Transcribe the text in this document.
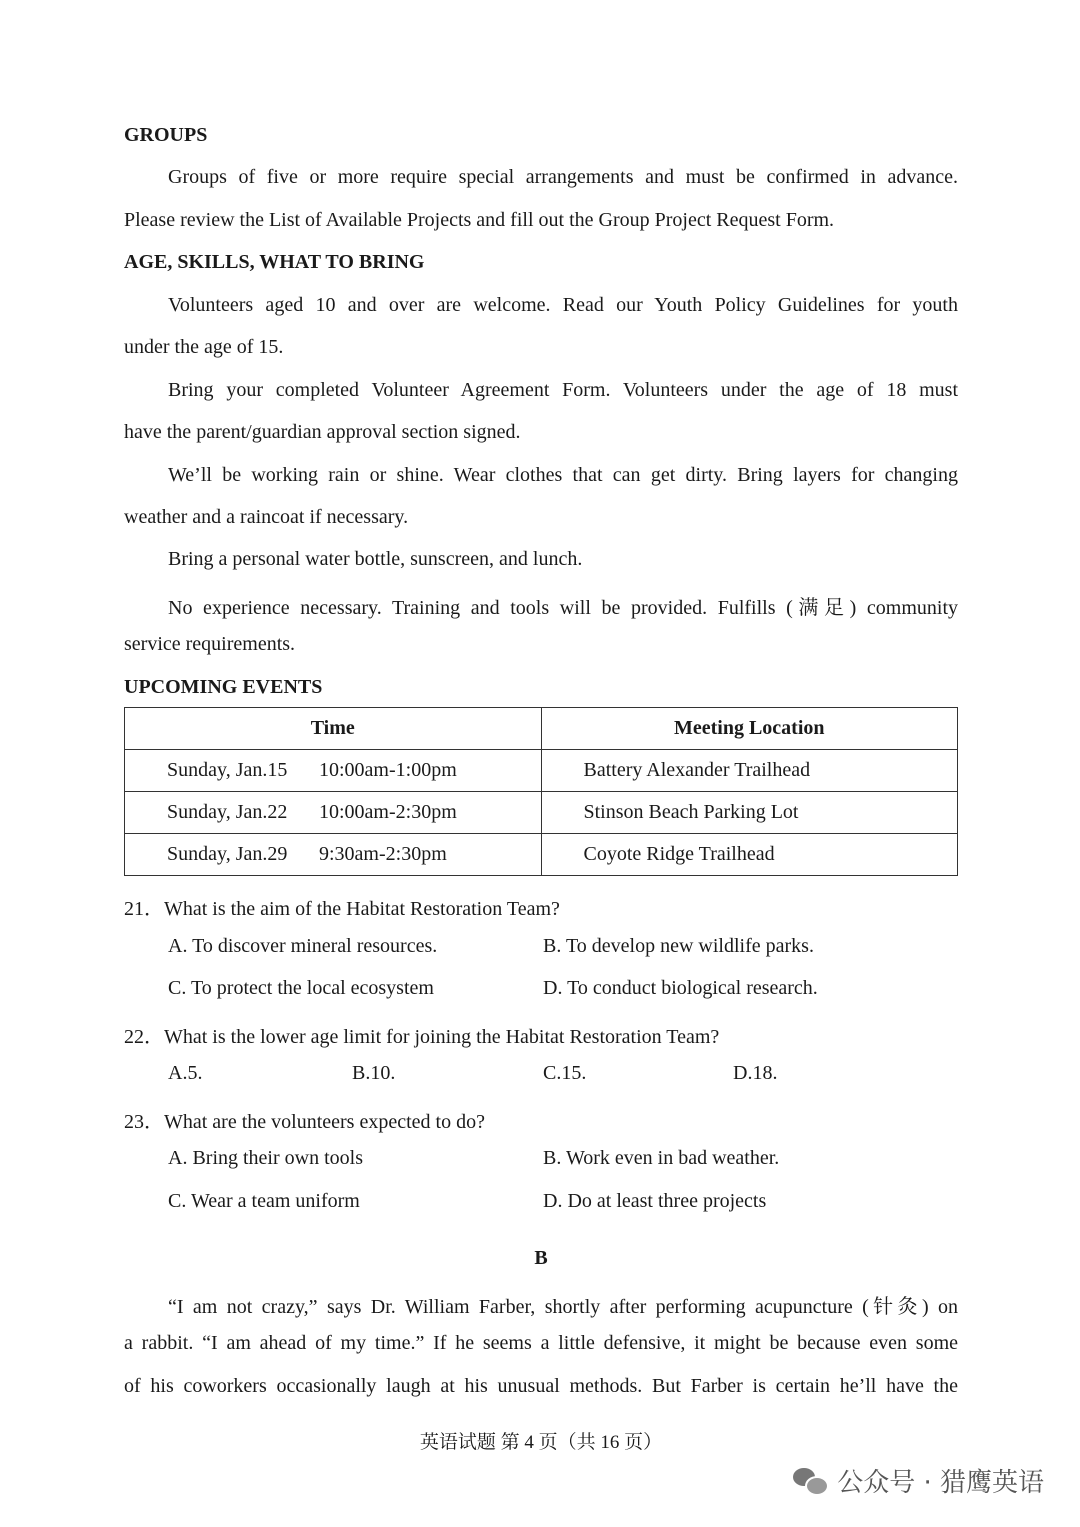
GROUPS
Groups of five or more require special arrangements and must be confirmed in advance.
Please review the List of Available Projects and fill out the Group Project Request Form.
AGE, SKILLS, WHAT TO BRING
Volunteers aged 10 and over are welcome. Read our Youth Policy Guidelines for youth
under the age of 15.
Bring your completed Volunteer Agreement Form. Volunteers under the age of 18 must
have the parent/guardian approval section signed.
We’ll be working rain or shine. Wear clothes that can get dirty. Bring layers for changing
weather and a raincoat if necessary.
Bring a personal water bottle, sunscreen, and lunch.
No experience necessary. Training and tools will be provided. Fulfills (满足) community
service requirements.
UPCOMING EVENTS
Time	Meeting Location
Sunday, Jan.15 10:00am-1:00pm	Battery Alexander Trailhead
Sunday, Jan.22 10:00am-2:30pm	Stinson Beach Parking Lot
Sunday, Jan.29 9:30am-2:30pm	Coyote Ridge Trailhead
21．What is the aim of the Habitat Restoration Team?
A. To discover mineral resources.	B. To develop new wildlife parks.
C. To protect the local ecosystem	D. To conduct biological research.
22．What is the lower age limit for joining the Habitat Restoration Team?
A.5.	B.10.	C.15.	D.18.
23．What are the volunteers expected to do?
A. Bring their own tools	B. Work even in bad weather.
C. Wear a team uniform	D. Do at least three projects
B
“I am not crazy,” says Dr. William Farber, shortly after performing acupuncture (针灸) on
a rabbit. “I am ahead of my time.” If he seems a little defensive, it might be because even some
of his coworkers occasionally laugh at his unusual methods. But Farber is certain he’ll have the
英语试题 第 4 页（共 16 页）
公众号 · 猎鹰英语
